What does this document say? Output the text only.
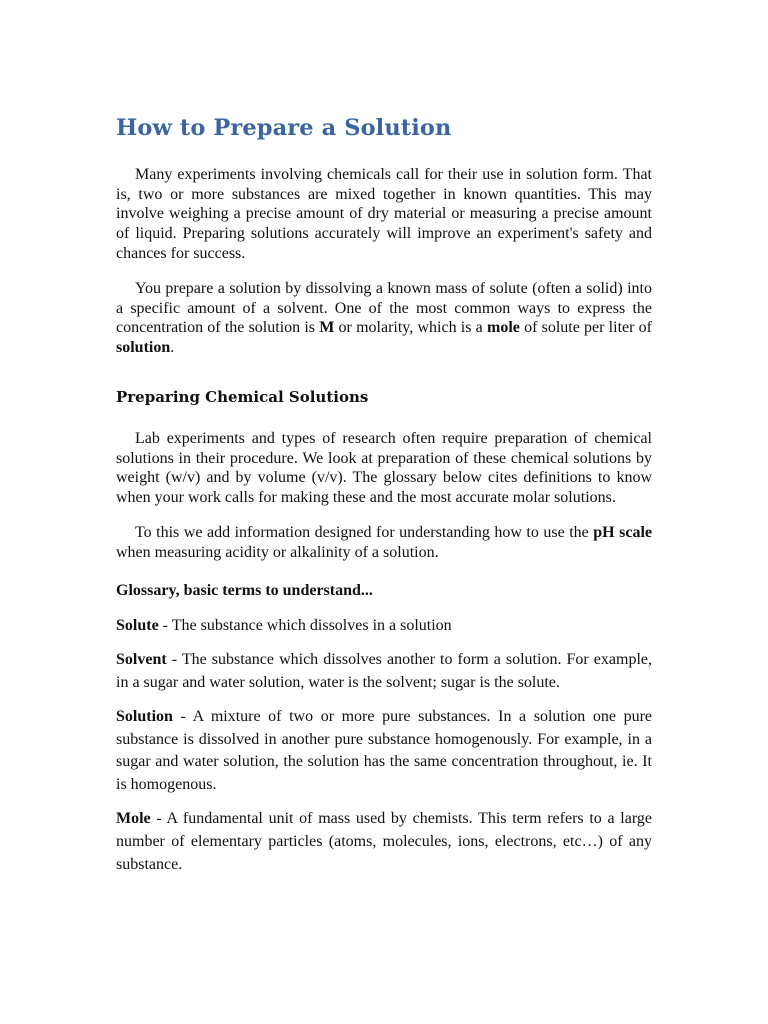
How to Prepare a Solution

Many experiments involving chemicals call for their use in solution form. That is, two or more substances are mixed together in known quantities. This may involve weighing a precise amount of dry material or measuring a precise amount of liquid. Preparing solutions accurately will improve an experiment's safety and chances for success.

You prepare a solution by dissolving a known mass of solute (often a solid) into a specific amount of a solvent. One of the most common ways to express the concentration of the solution is M or molarity, which is a mole of solute per liter of solution.

Preparing Chemical Solutions

Lab experiments and types of research often require preparation of chemical solutions in their procedure. We look at preparation of these chemical solutions by weight (w/v) and by volume (v/v). The glossary below cites definitions to know when your work calls for making these and the most accurate molar solutions.

To this we add information designed for understanding how to use the pH scale when measuring acidity or alkalinity of a solution.

Glossary, basic terms to understand...

Solute - The substance which dissolves in a solution

Solvent - The substance which dissolves another to form a solution. For example, in a sugar and water solution, water is the solvent; sugar is the solute.

Solution - A mixture of two or more pure substances. In a solution one pure substance is dissolved in another pure substance homogenously. For example, in a sugar and water solution, the solution has the same concentration throughout, ie. It is homogenous.

Mole - A fundamental unit of mass used by chemists. This term refers to a large number of elementary particles (atoms, molecules, ions, electrons, etc…) of any substance.
